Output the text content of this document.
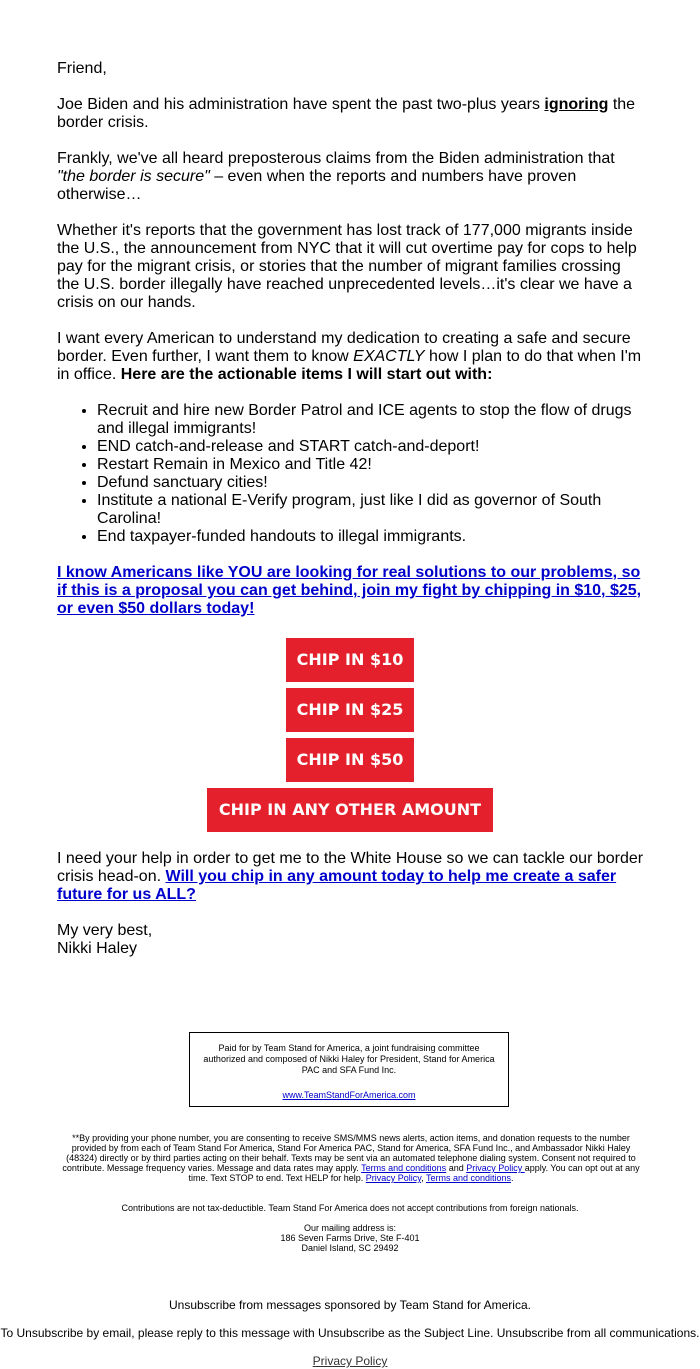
Friend,

Joe Biden and his administration have spent the past two-plus years ignoring the border crisis.

Frankly, we've all heard preposterous claims from the Biden administration that "the border is secure" – even when the reports and numbers have proven otherwise…

Whether it's reports that the government has lost track of 177,000 migrants inside the U.S., the announcement from NYC that it will cut overtime pay for cops to help pay for the migrant crisis, or stories that the number of migrant families crossing the U.S. border illegally have reached unprecedented levels…it's clear we have a crisis on our hands.

I want every American to understand my dedication to creating a safe and secure border. Even further, I want them to know EXACTLY how I plan to do that when I'm in office. Here are the actionable items I will start out with:

• Recruit and hire new Border Patrol and ICE agents to stop the flow of drugs and illegal immigrants!
• END catch-and-release and START catch-and-deport!
• Restart Remain in Mexico and Title 42!
• Defund sanctuary cities!
• Institute a national E-Verify program, just like I did as governor of South Carolina!
• End taxpayer-funded handouts to illegal immigrants.

I know Americans like YOU are looking for real solutions to our problems, so if this is a proposal you can get behind, join my fight by chipping in $10, $25, or even $50 dollars today!

CHIP IN $10
CHIP IN $25
CHIP IN $50
CHIP IN ANY OTHER AMOUNT

I need your help in order to get me to the White House so we can tackle our border crisis head-on. Will you chip in any amount today to help me create a safer future for us ALL?

My very best,
Nikki Haley

Paid for by Team Stand for America, a joint fundraising committee authorized and composed of Nikki Haley for President, Stand for America PAC and SFA Fund Inc.
www.TeamStandForAmerica.com
**By providing your phone number, you are consenting to receive SMS/MMS news alerts, action items, and donation requests to the number provided by from each of Team Stand For America, Stand For America PAC, Stand for America, SFA Fund Inc., and Ambassador Nikki Haley (48324) directly or by third parties acting on their behalf. Texts may be sent via an automated telephone dialing system. Consent not required to contribute. Message frequency varies. Message and data rates may apply. Terms and conditions and Privacy Policy apply. You can opt out at any time. Text STOP to end. Text HELP for help. Privacy Policy, Terms and conditions.
Contributions are not tax-deductible. Team Stand For America does not accept contributions from foreign nationals.
Our mailing address is:
186 Seven Farms Drive, Ste F-401
Daniel Island, SC 29492
Unsubscribe from messages sponsored by Team Stand for America.
To Unsubscribe by email, please reply to this message with Unsubscribe as the Subject Line. Unsubscribe from all communications.
Privacy Policy
